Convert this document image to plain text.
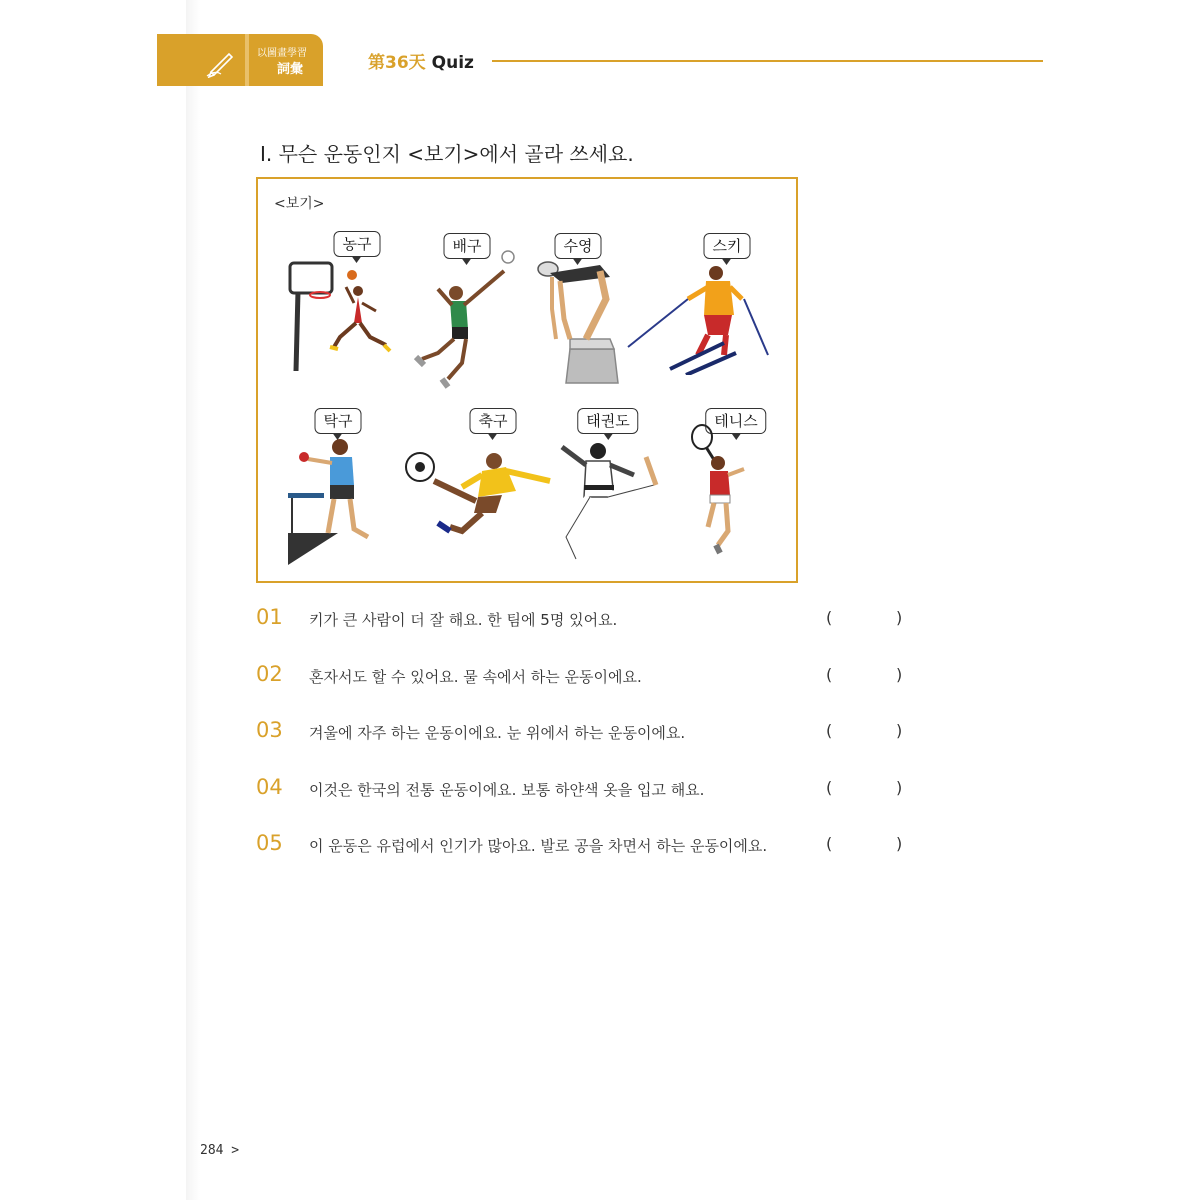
以圖畫學習
詞彙	第36天 Quiz
Ⅰ. 무슨 운동인지 <보기>에서 골라 쓰세요.
<보기>
농구	배구	수영	스키
탁구	축구	태권도	테니스
01 키가 큰 사람이 더 잘 해요. 한 팀에 5명 있어요.	(	)
02 혼자서도 할 수 있어요. 물 속에서 하는 운동이에요.	(	)
03 겨울에 자주 하는 운동이에요. 눈 위에서 하는 운동이에요.	(	)
04 이것은 한국의 전통 운동이에요. 보통 하얀색 옷을 입고 해요.	(	)
05 이 운동은 유럽에서 인기가 많아요. 발로 공을 차면서 하는 운동이에요.	(	)
284 >
